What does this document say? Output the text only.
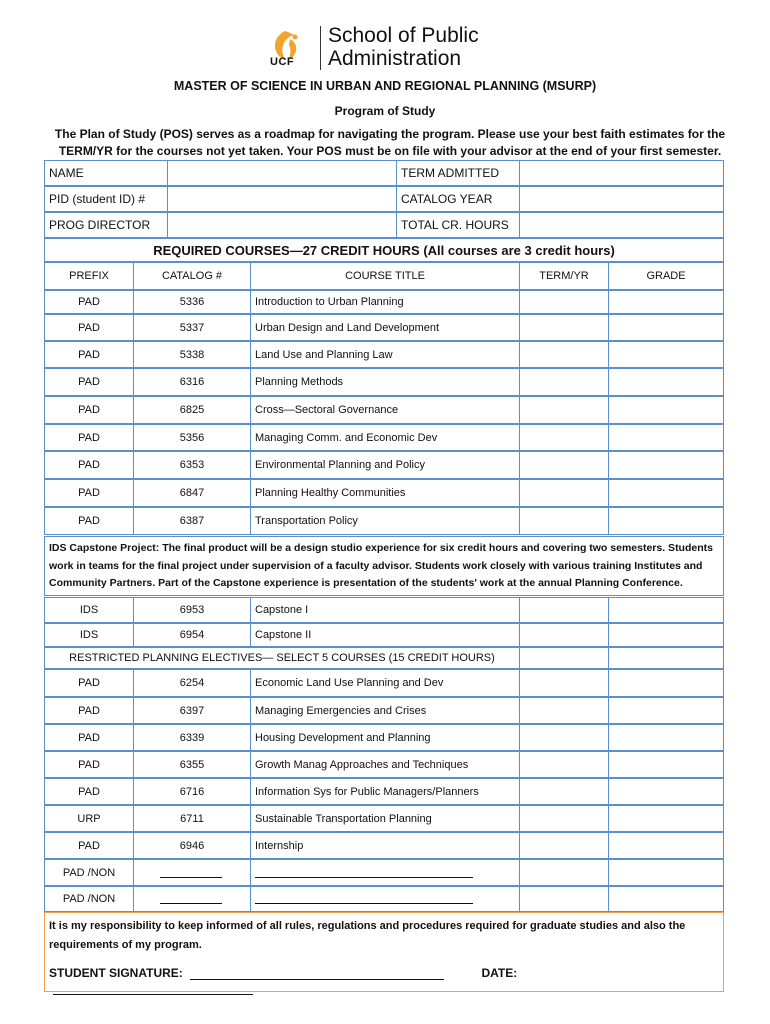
UCF
School of Public
Administration
MASTER OF SCIENCE IN URBAN AND REGIONAL PLANNING (MSURP)
Program of Study
The Plan of Study (POS) serves as a roadmap for navigating the program. Please use your best faith estimates for the TERM/YR for the courses not yet taken. Your POS must be on file with your advisor at the end of your first semester.
NAME	TERM ADMITTED
PID (student ID) #	CATALOG YEAR
PROG DIRECTOR	TOTAL CR. HOURS
REQUIRED COURSES—27 CREDIT HOURS (All courses are 3 credit hours)
PREFIX	CATALOG #	COURSE TITLE	TERM/YR	GRADE
PAD	5336	Introduction to Urban Planning
PAD	5337	Urban Design and Land Development
PAD	5338	Land Use and Planning Law
PAD	6316	Planning Methods
PAD	6825	Cross—Sectoral Governance
PAD	5356	Managing Comm. and Economic Dev
PAD	6353	Environmental Planning and Policy
PAD	6847	Planning Healthy Communities
PAD	6387	Transportation Policy
IDS	6953	Capstone I
IDS	6954	Capstone II
RESTRICTED PLANNING ELECTIVES— SELECT 5 COURSES (15 CREDIT HOURS)
PAD	6254	Economic Land Use Planning and Dev
PAD	6397	Managing Emergencies and Crises
PAD	6339	Housing Development and Planning
PAD	6355	Growth Manag Approaches and Techniques
PAD	6716	Information Sys for Public Managers/Planners
URP	6711	Sustainable Transportation Planning
PAD	6946	Internship
PAD /NON
PAD /NON
IDS Capstone Project: The final product will be a design studio experience for six credit hours and covering two semesters. Students work in teams for the final project under supervision of a faculty advisor. Students work closely with various training Institutes and Community Partners. Part of the Capstone experience is presentation of the students' work at the annual Planning Conference.
It is my responsibility to keep informed of all rules, regulations and procedures required for graduate studies and also the requirements of my program.
STUDENT SIGNATURE:	DATE:
